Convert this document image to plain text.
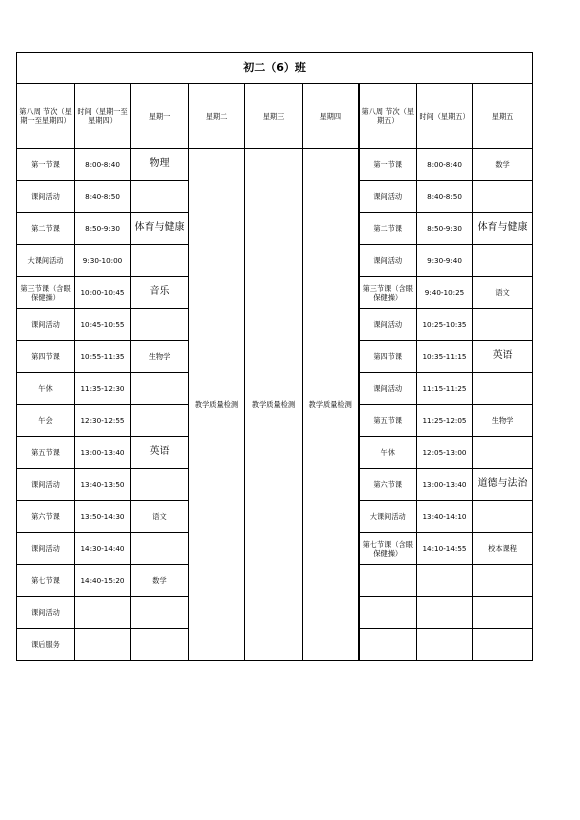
初二（6）班								
第八周 节次（星期一至星期四）	时间（星期一至星期四）	星期一	星期二	星期三	星期四	第八周 节次（星期五）	时间（星期五）	星期五
第一节课	8:00-8:40	物理	教学质量检测	教学质量检测	教学质量检测	第一节课	8:00-8:40	数学
课间活动	8:40-8:50					课间活动	8:40-8:50	
第二节课	8:50-9:30	体育与健康				第二节课	8:50-9:30	体育与健康
大课间活动	9:30-10:00					课间活动	9:30-9:40	
第三节课（含眼保健操）	10:00-10:45	音乐				第三节课（含眼保健操）	9:40-10:25	语文
课间活动	10:45-10:55					课间活动	10:25-10:35	
第四节课	10:55-11:35	生物学				第四节课	10:35-11:15	英语
午休	11:35-12:30					课间活动	11:15-11:25	
午会	12:30-12:55					第五节课	11:25-12:05	生物学
第五节课	13:00-13:40	英语				午休	12:05-13:00	
课间活动	13:40-13:50					第六节课	13:00-13:40	道德与法治
第六节课	13:50-14:30	语文				大课间活动	13:40-14:10	
课间活动	14:30-14:40					第七节课（含眼保健操）	14:10-14:55	校本课程
第七节课	14:40-15:20	数学						
课间活动								
课后服务								
